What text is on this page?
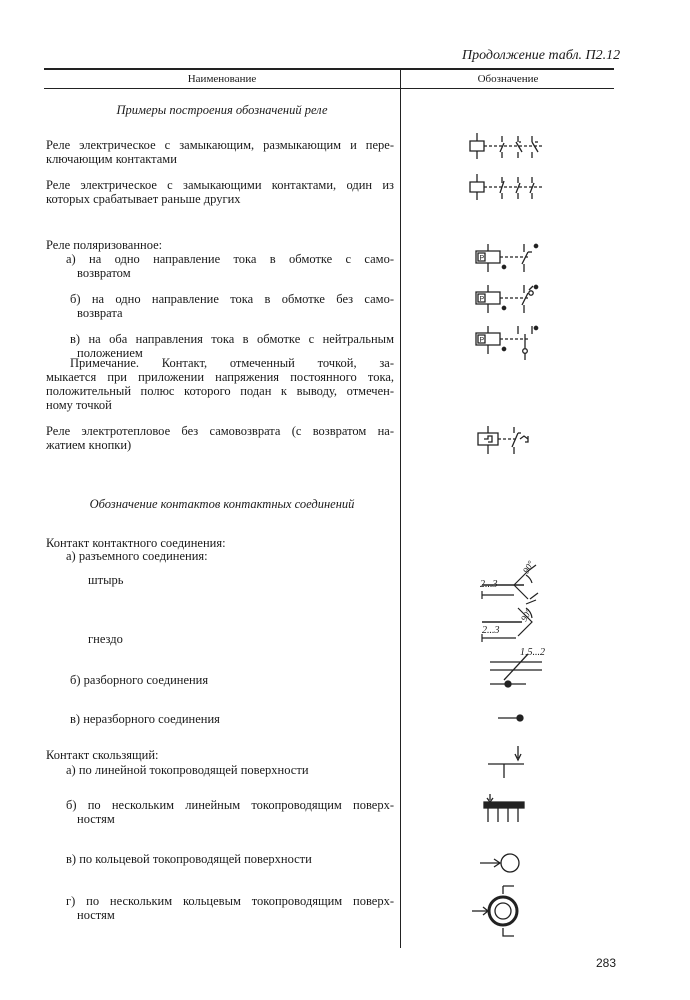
Продолжение табл. П2.12
Наименование	Обозначение
Примеры построения обозначений реле
Реле электрическое с замыкающим, размыкающим и пере-
ключающим контактами
Реле электрическое с замыкающими контактами, один из
которых срабатывает раньше других
Реле поляризованное:
а) на одно направление тока в обмотке с само-
возвратом
б) на одно направление тока в обмотке без само-
возврата
в) на оба направления тока в обмотке с нейтральным
положением
Примечание. Контакт, отмеченный точкой, за-
мыкается при приложении напряжения постоянного тока,
положительный полюс которого подан к выводу, отмечен-
ному точкой
Реле электротепловое без самовозврата (с возвратом на-
жатием кнопки)
Обозначение контактов контактных соединений
Контакт контактного соединения:
а) разъемного соединения:
штырь
гнездо
б) разборного соединения
в) неразборного соединения
Контакт скользящий:
а) по линейной токопроводящей поверхности
б) по нескольким линейным токопроводящим поверх-
ностям
в) по кольцевой токопроводящей поверхности
г) по нескольким кольцевым токопроводящим поверх-
ностям
283
P
P
P
2...3
90°
2...3
90°
1,5...2
